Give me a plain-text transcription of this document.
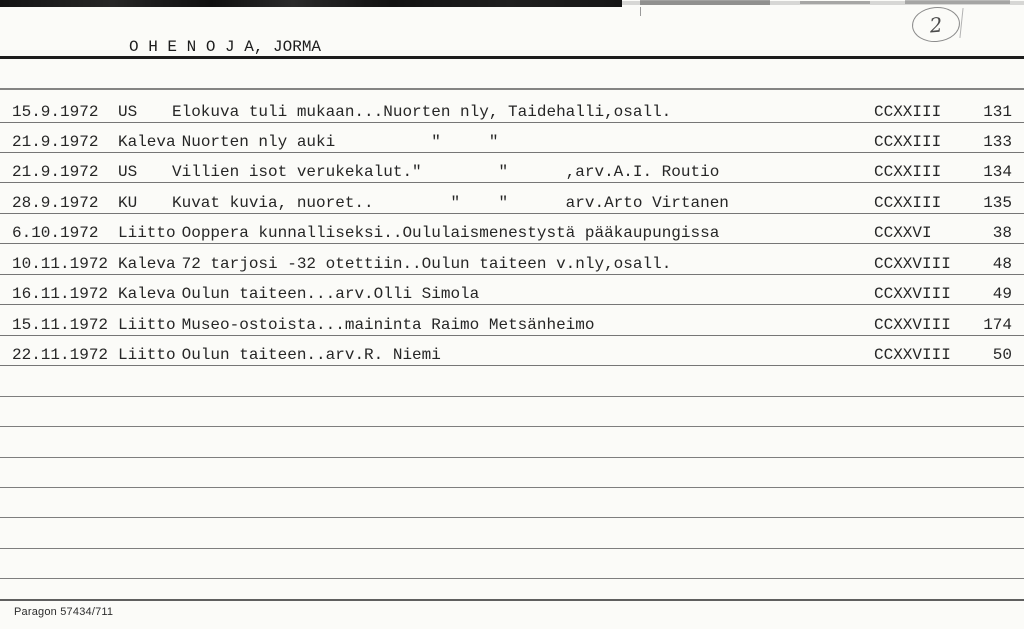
2
O H E N O J A, JORMA
15.9.1972	US	Elokuva tuli mukaan...Nuorten nly, Taidehalli,osall.	CCXXIII	131
21.9.1972	Kaleva Nuorten nly auki          "     "	CCXXIII	133
21.9.1972	US	Villien isot verukekalut."        "      ,arv.A.I. Routio	CCXXIII	134
28.9.1972	KU	Kuvat kuvia, nuoret..        "    "      arv.Arto Virtanen	CCXXIII	135
6.10.1972	Liitto Ooppera kunnalliseksi..Oululaismenestystä pääkaupungissa	CCXXVI	38
10.11.1972 Kaleva 72 tarjosi -32 otettiin..Oulun taiteen v.nly,osall.	CCXXVIII	48
16.11.1972 Kaleva Oulun taiteen...arv.Olli Simola	CCXXVIII	49
15.11.1972 Liitto Museo-ostoista...maininta Raimo Metsänheimo	CCXXVIII 174
22.11.1972 Liitto Oulun taiteen..arv.R. Niemi	CCXXVIII	50
Paragon 57434/711
